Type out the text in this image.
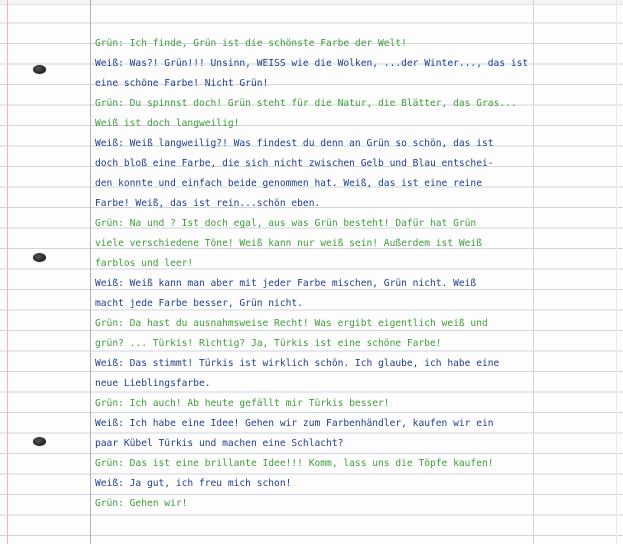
Grün: Ich finde, Grün ist die schönste Farbe der Welt!
Weiß: Was?! Grün!!! Unsinn, WEISS wie die Wolken, ...der Winter..., das ist
eine schöne Farbe! Nicht Grün!
Grün: Du spinnst doch! Grün steht für die Natur, die Blätter, das Gras...
Weiß ist doch langweilig!
Weiß: Weiß langweilig?! Was findest du denn an Grün so schön, das ist
doch bloß eine Farbe, die sich nicht zwischen Gelb und Blau entschei-
den konnte und einfach beide genommen hat. Weiß, das ist eine reine
Farbe! Weiß, das ist rein...schön eben.
Grün: Na und ? Ist doch egal, aus was Grün besteht! Dafür hat Grün
viele verschiedene Töne! Weiß kann nur weiß sein! Außerdem ist Weiß
farblos und leer!
Weiß: Weiß kann man aber mit jeder Farbe mischen, Grün nicht. Weiß
macht jede Farbe besser, Grün nicht.
Grün: Da hast du ausnahmsweise Recht! Was ergibt eigentlich weiß und
grün? ... Türkis! Richtig? Ja, Türkis ist eine schöne Farbe!
Weiß: Das stimmt! Türkis ist wirklich schön. Ich glaube, ich habe eine
neue Lieblingsfarbe.
Grün: Ich auch! Ab heute gefällt mir Türkis besser!
Weiß: Ich habe eine Idee! Gehen wir zum Farbenhändler, kaufen wir ein
paar Kübel Türkis und machen eine Schlacht?
Grün: Das ist eine brillante Idee!!! Komm, lass uns die Töpfe kaufen!
Weiß: Ja gut, ich freu mich schon!
Grün: Gehen wir!
